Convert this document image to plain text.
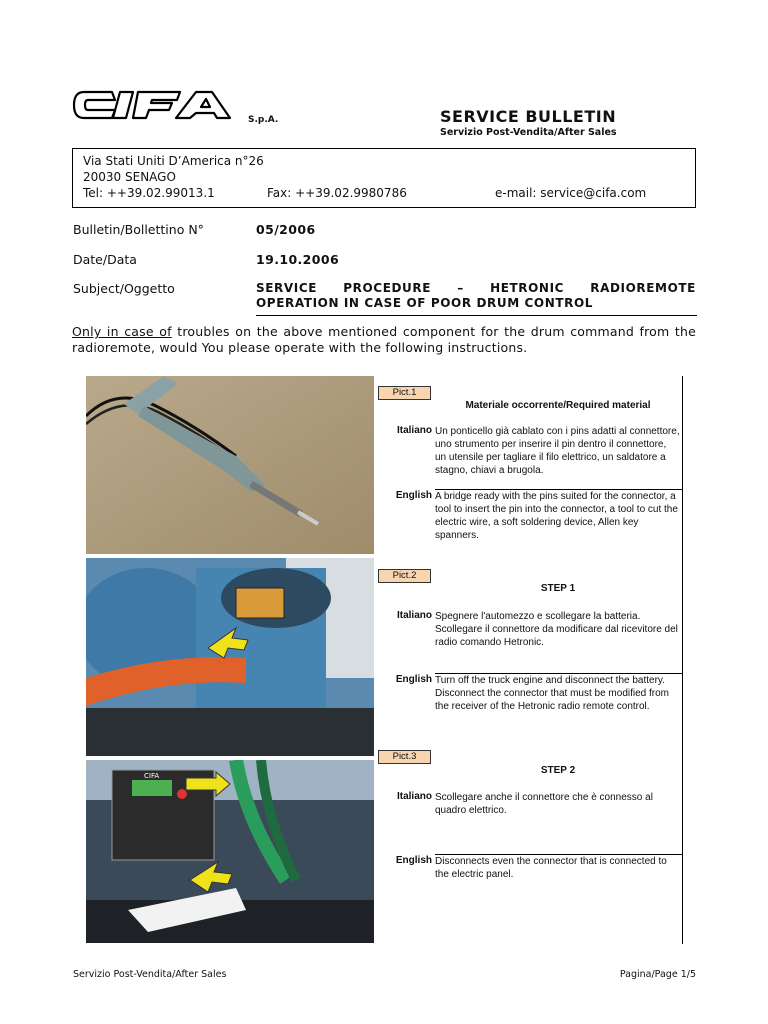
S.p.A.	SERVICE BULLETIN
Servizio Post-Vendita/After Sales
Via Stati Uniti D’America n°26
20030 SENAGO
Tel: ++39.02.99013.1	Fax: ++39.02.9980786	e-mail: service@cifa.com
Bulletin/Bollettino N°	05/2006
Date/Data	19.10.2006
Subject/Oggetto	SERVICE PROCEDURE – HETRONIC RADIOREMOTE
OPERATION IN CASE OF POOR DRUM CONTROL
Only in case of troubles on the above mentioned component for the drum command from the radioremote, would You please operate with the following instructions.
CIFA
Pict.1
Materiale occorrente/Required material
Italiano Un ponticello già cablato con i pins adatti al connettore, uno strumento per inserire il pin dentro il connettore, un utensile per tagliare il filo elettrico, un saldatore a stagno, chiavi a brugola.
English A bridge ready with the pins suited for the connector, a tool to insert the pin into the connector, a tool to cut the electric wire, a soft soldering device, Allen key spanners.
Pict.2
STEP 1
Italiano Spegnere l'automezzo e scollegare la batteria. Scollegare il connettore da modificare dal ricevitore del radio comando Hetronic.
English Turn off the truck engine and disconnect the battery. Disconnect the connector that must be modified from the receiver of the Hetronic radio remote control.
Pict.3
STEP 2
Italiano Scollegare anche il connettore che è connesso al quadro elettrico.
English Disconnects even the connector that is connected to the electric panel.
Servizio Post-Vendita/After Sales	Pagina/Page 1/5
